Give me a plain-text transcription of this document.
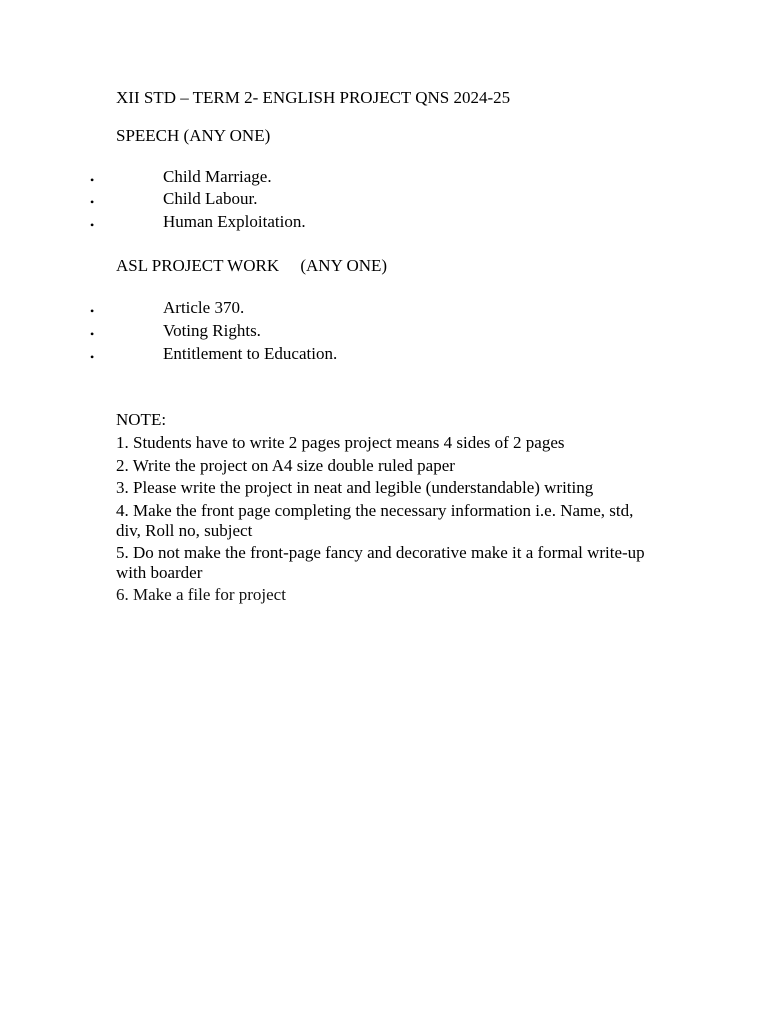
XII STD – TERM 2- ENGLISH PROJECT QNS 2024-25
SPEECH (ANY ONE)
•	Child Marriage.
•	Child Labour.
•	Human Exploitation.
ASL PROJECT WORK     (ANY ONE)
•	Article 370.
•	Voting Rights.
•	Entitlement to Education.
NOTE:
1. Students have to write 2 pages project means 4 sides of 2 pages
2. Write the project on A4 size double ruled paper
3. Please write the project in neat and legible (understandable) writing
4. Make the front page completing the necessary information i.e. Name, std, div, Roll no, subject
5. Do not make the front-page fancy and decorative make it a formal write-up with boarder
6. Make a file for project
